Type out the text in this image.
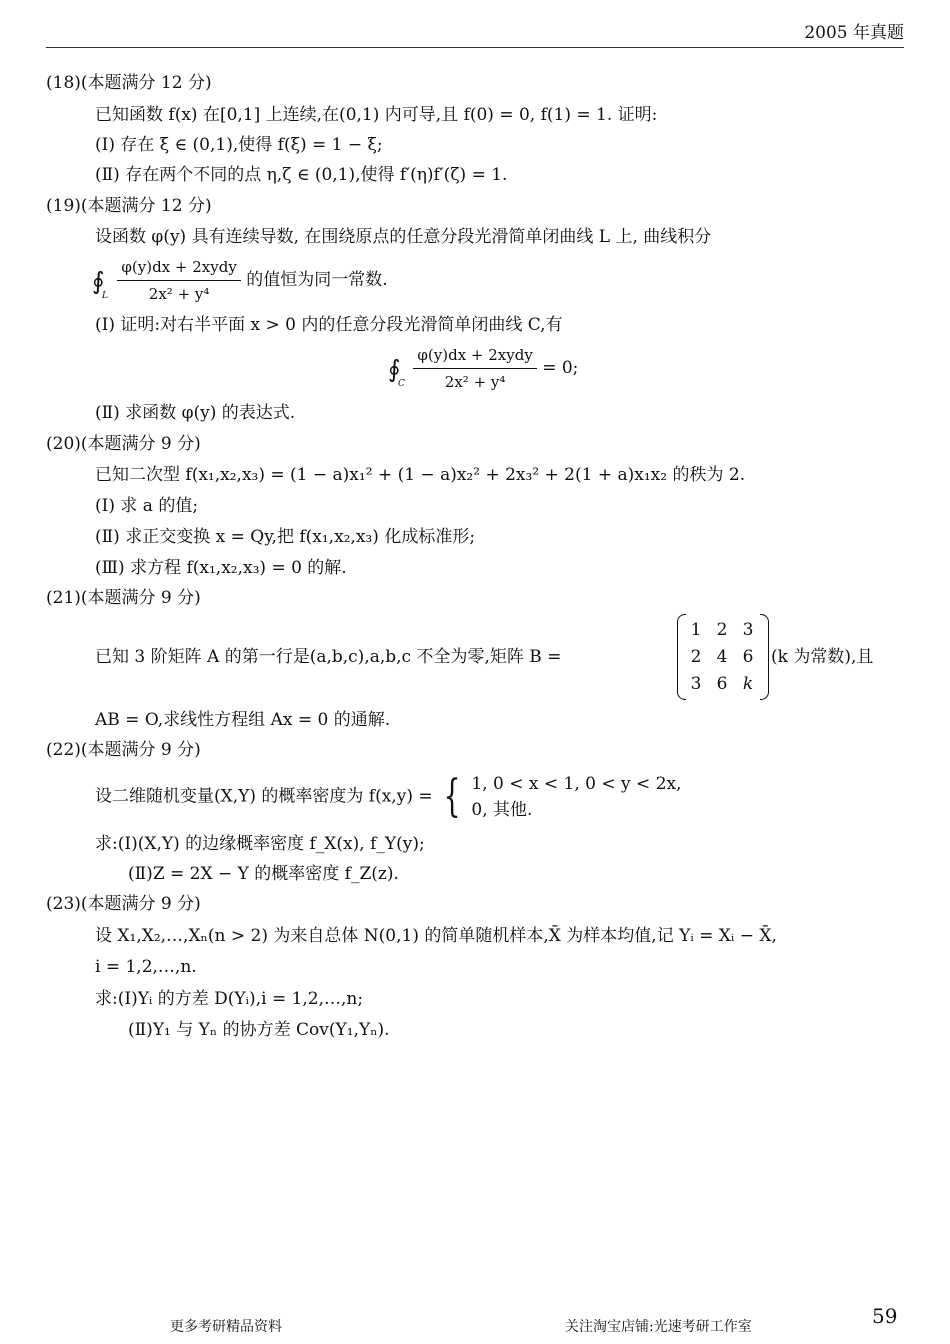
2005 年真题
(18)(本题满分 12 分)
已知函数 f(x) 在[0,1] 上连续,在(0,1) 内可导,且 f(0) = 0, f(1) = 1. 证明:
(Ⅰ) 存在 ξ ∈ (0,1),使得 f(ξ) = 1 − ξ;
(Ⅱ) 存在两个不同的点 η,ζ ∈ (0,1),使得 f′(η)f′(ζ) = 1.
(19)(本题满分 12 分)
设函数 φ(y) 具有连续导数, 在围绕原点的任意分段光滑简单闭曲线 L 上, 曲线积分
∮
L
$\frac{\text{φ(y)dx + 2xydy}}{\text{2x² + y⁴}}$ 的值恒为同一常数.
(Ⅰ) 证明:对右半平面 x > 0 内的任意分段光滑简单闭曲线 C,有
∮
C
$\frac{\text{φ(y)dx + 2xydy}}{\text{2x² + y⁴}} = 0$;
(Ⅱ) 求函数 φ(y) 的表达式.
(20)(本题满分 9 分)
已知二次型 f(x₁,x₂,x₃) = (1 − a)x₁² + (1 − a)x₂² + 2x₃² + 2(1 + a)x₁x₂ 的秩为 2.
(Ⅰ) 求 a 的值;
(Ⅱ) 求正交变换 x = Qy,把 f(x₁,x₂,x₃) 化成标准形;
(Ⅲ) 求方程 f(x₁,x₂,x₃) = 0 的解.
(21)(本题满分 9 分)
已知 3 阶矩阵 A 的第一行是(a,b,c),a,b,c 不全为零,矩阵 B =
1	2	3
2	4	6
3	6	k
(k 为常数),且
AB = O,求线性方程组 Ax = 0 的通解.
(22)(本题满分 9 分)
设二维随机变量(X,Y) 的概率密度为 f(x,y) = { 1, 0 < x < 1, 0 < y < 2x,
0, 其他.
求:(Ⅰ)(X,Y) 的边缘概率密度 f_X(x), f_Y(y);
(Ⅱ)Z = 2X − Y 的概率密度 f_Z(z).
(23)(本题满分 9 分)
设 X₁,X₂,…,Xₙ(n > 2) 为来自总体 N(0,1) 的简单随机样本,X̄ 为样本均值,记 Yᵢ = Xᵢ − X̄,
i = 1,2,…,n.
求:(Ⅰ)Yᵢ 的方差 D(Yᵢ),i = 1,2,…,n;
(Ⅱ)Y₁ 与 Yₙ 的协方差 Cov(Y₁,Yₙ).
更多考研精品资料	关注淘宝店铺:光速考研工作室	59
